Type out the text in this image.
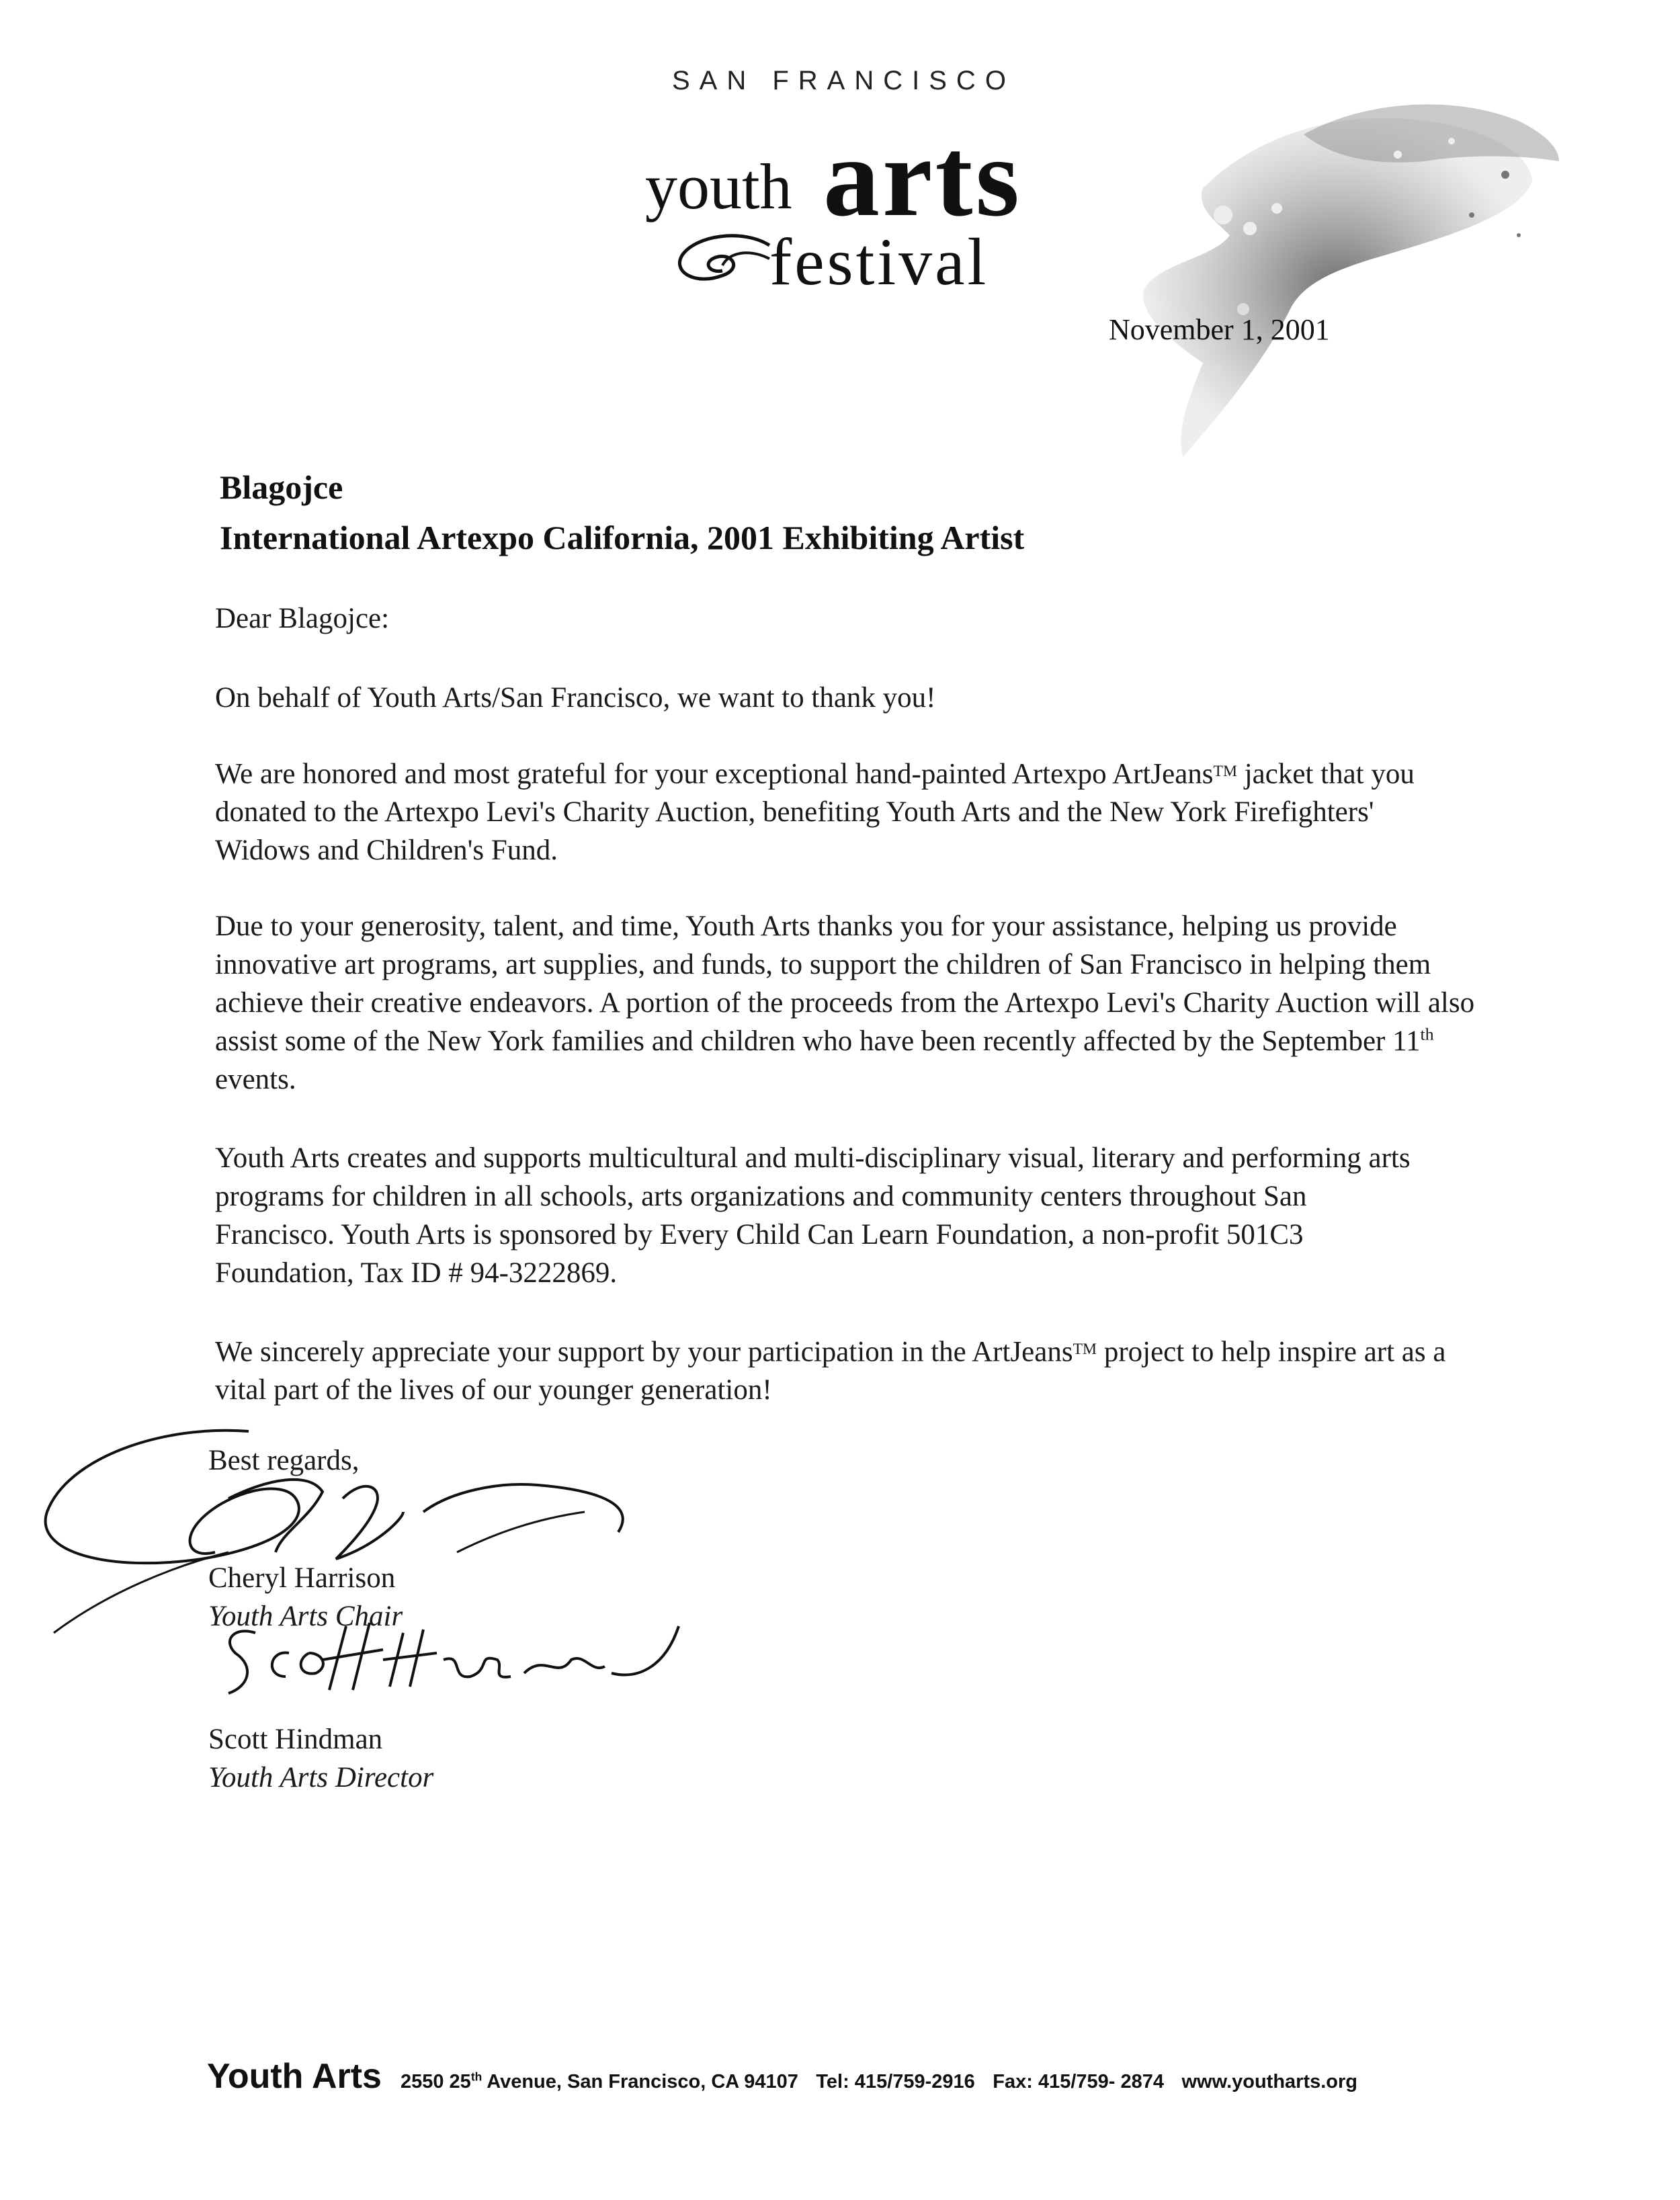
SAN FRANCISCO
youth arts
festival
November 1, 2001
Blagojce
International Artexpo California, 2001 Exhibiting Artist
Dear Blagojce:

On behalf of Youth Arts/San Francisco, we want to thank you!

We are honored and most grateful for your exceptional hand-painted Artexpo ArtJeans™ jacket that you donated to the Artexpo Levi's Charity Auction, benefiting Youth Arts and the New York Firefighters' Widows and Children's Fund.

Due to your generosity, talent, and time, Youth Arts thanks you for your assistance, helping us provide innovative art programs, art supplies, and funds, to support the children of San Francisco in helping them achieve their creative endeavors. A portion of the proceeds from the Artexpo Levi's Charity Auction will also assist some of the New York families and children who have been recently affected by the September 11th events.

Youth Arts creates and supports multicultural and multi-disciplinary visual, literary and performing arts programs for children in all schools, arts organizations and community centers throughout San Francisco. Youth Arts is sponsored by Every Child Can Learn Foundation, a non-profit 501C3 Foundation, Tax ID # 94-3222869.

We sincerely appreciate your support by your participation in the ArtJeans™ project to help inspire art as a vital part of the lives of our younger generation!

Best regards,
Cheryl Harrison
Youth Arts Chair
Scott Hindman
Youth Arts Director
Youth Arts 2550 25th Avenue, San Francisco, CA 94107 Tel: 415/759-2916 Fax: 415/759- 2874 www.youtharts.org
